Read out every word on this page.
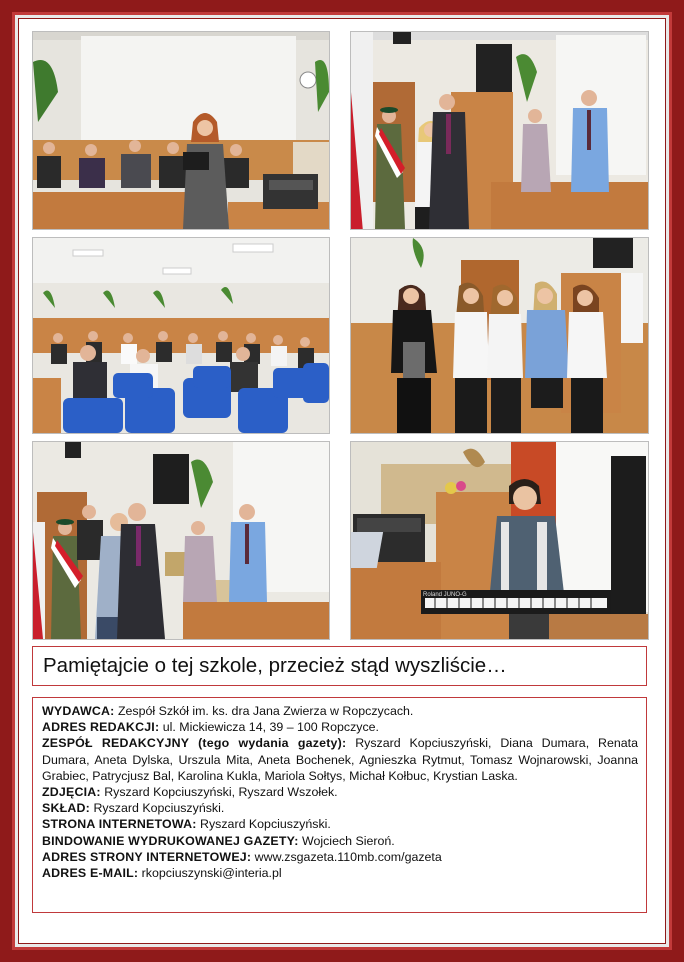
Roland JUNO-G
Pamiętajcie o tej szkole, przecież stąd wyszliście…

WYDAWCA: Zespół Szkół im. ks. dra Jana Zwierza w Ropczycach.

ADRES REDAKCJI: ul. Mickiewicza 14, 39 – 100 Ropczyce.

ZESPÓŁ REDAKCYJNY (tego wydania gazety): Ryszard Kopciuszyński, Diana Dumara, Renata Dumara, Aneta Dylska, Urszula Mita, Aneta Bochenek, Agnieszka Rytmut, Tomasz Wojnarowski, Joanna Grabiec, Patrycjusz Bal, Karolina Kukla, Mariola Sołtys, Michał Kołbuc, Krystian Laska.

ZDJĘCIA: Ryszard Kopciuszyński, Ryszard Wszołek.

SKŁAD: Ryszard Kopciuszyński.

STRONA INTERNETOWA: Ryszard Kopciuszyński.

BINDOWANIE WYDRUKOWANEJ GAZETY: Wojciech Sieroń.

ADRES STRONY INTERNETOWEJ: www.zsgazeta.110mb.com/gazeta

ADRES E-MAIL: rkopciuszynski@interia.pl
